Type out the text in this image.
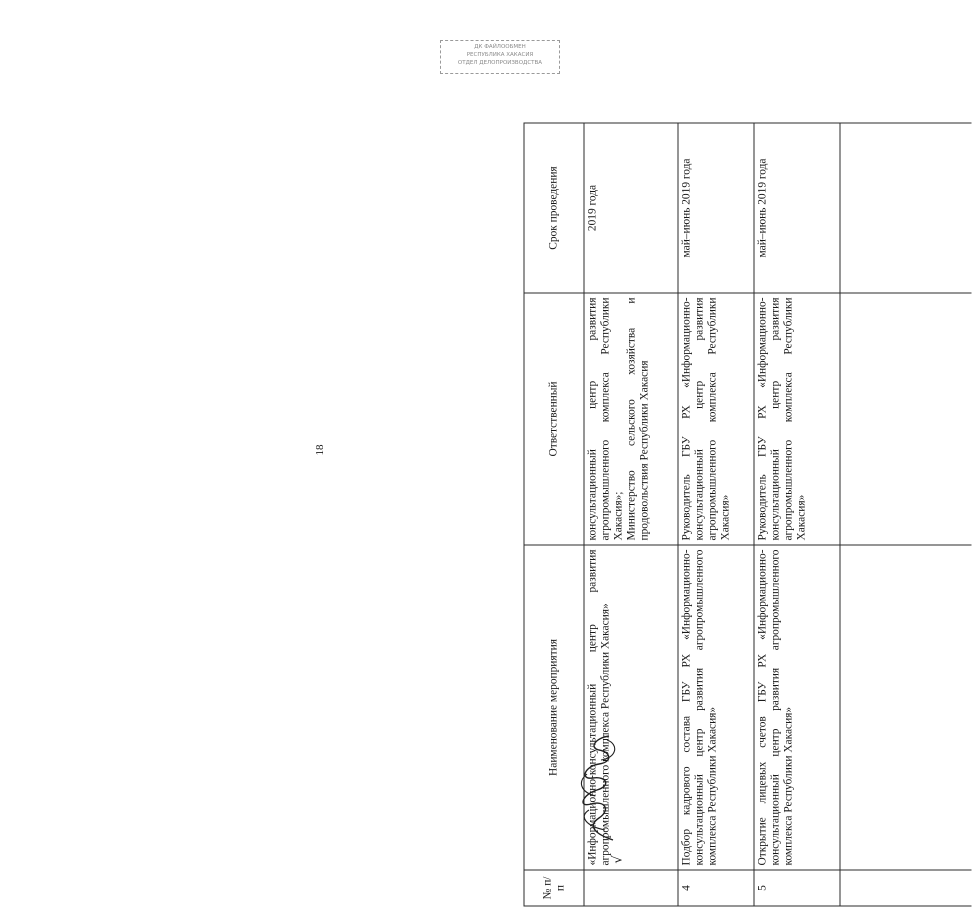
18
ДК ФАЙЛООБМЕН
РЕСПУБЛИКА ХАКАСИЯ
ОТДЕЛ ДЕЛОПРОИЗВОДСТВА
№ п/п	Наименование мероприятия	Ответственный	Срок проведения
	«Информационно-консультационный центр развития агропромышленного комплекса Республики Хакасия»	консультационный центр развития агропромышленного комплекса Республики Хакасия»; Министерство сельского хозяйства и продовольствия Республики Хакасия	2019 года
4	Подбор кадрового состава ГБУ РХ «Информационно-консультационный центр развития агропромышленного комплекса Республики Хакасия»	Руководитель ГБУ РХ «Информационно-консультационный центр развития агропромышленного комплекса Республики Хакасия»	май–июнь 2019 года
5	Открытие лицевых счетов ГБУ РХ «Информационно-консультационный центр развития агропромышленного комплекса Республики Хакасия»	Руководитель ГБУ РХ «Информационно-консультационный центр развития агропромышленного комплекса Республики Хакасия»	май–июнь 2019 года

√
